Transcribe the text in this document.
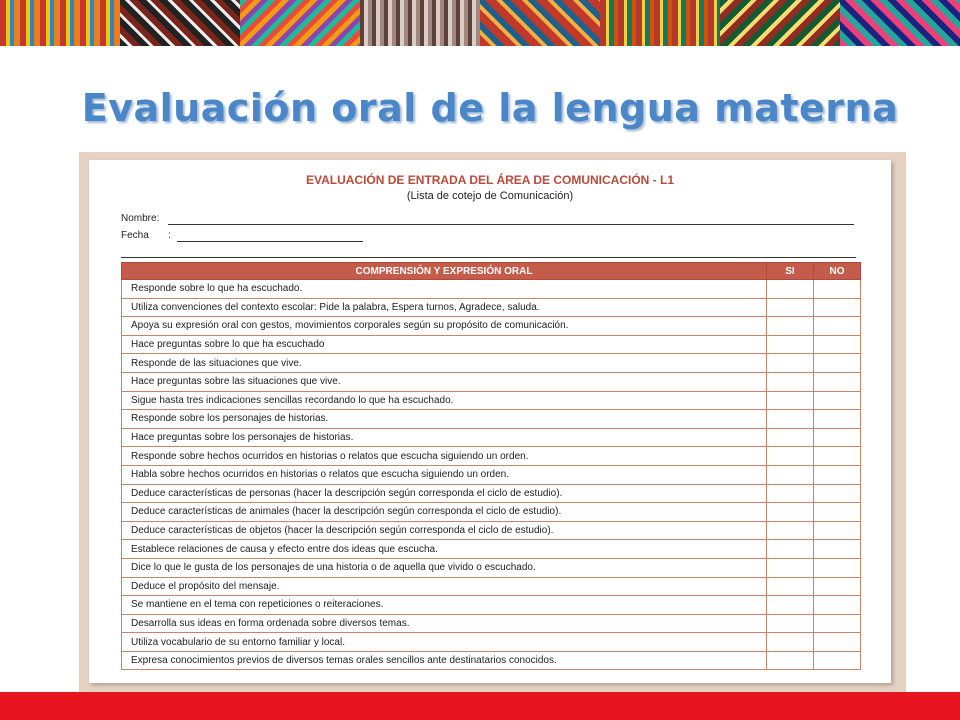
Evaluación oral de la lengua materna
EVALUACIÓN DE ENTRADA DEL ÁREA DE COMUNICACIÓN - L1
(Lista de cotejo de Comunicación)
Nombre:
Fecha :
COMPRENSIÓN Y EXPRESIÓN ORAL	SI	NO
Responde sobre lo que ha escuchado.		
Utiliza convenciones del contexto escolar: Pide la palabra, Espera turnos, Agradece, saluda.		
Apoya su expresión oral con gestos, movimientos corporales según su propósito de comunicación.		
Hace preguntas sobre lo que ha escuchado		
Responde de las situaciones que vive.		
Hace preguntas sobre las situaciones que vive.		
Sigue hasta tres indicaciones sencillas recordando lo que ha escuchado.		
Responde sobre los personajes de historias.		
Hace preguntas sobre los personajes de historias.		
Responde sobre hechos ocurridos en historias o relatos que escucha siguiendo un orden.		
Habla sobre hechos ocurridos en historias o relatos que escucha siguiendo un orden.		
Deduce características de personas (hacer la descripción según corresponda el ciclo de estudio).		
Deduce características de animales (hacer la descripción según corresponda el ciclo de estudio).		
Deduce características de objetos (hacer la descripción según corresponda el ciclo de estudio).		
Establece relaciones de causa y efecto entre dos ideas que escucha.		
Dice lo que le gusta de los personajes de una historia o de aquella que vivido o escuchado.		
Deduce el propósito del mensaje.		
Se mantiene en el tema con repeticiones o reiteraciones.		
Desarrolla sus ideas en forma ordenada sobre diversos temas.		
Utiliza vocabulario de su entorno familiar y local.		
Expresa conocimientos previos de diversos temas orales sencillos ante destinatarios conocidos.		
